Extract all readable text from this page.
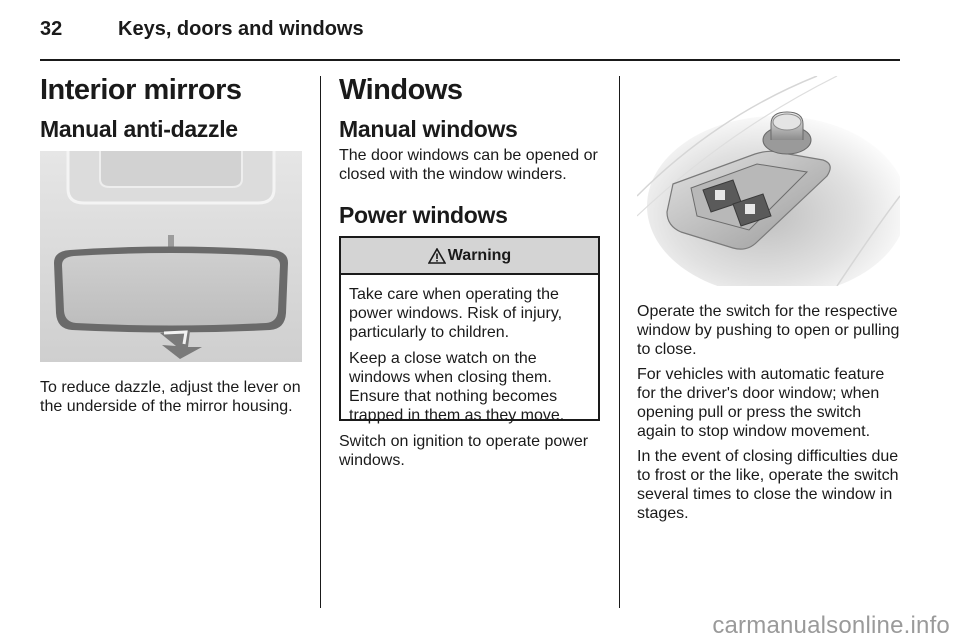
32	Keys, doors and windows
Interior mirrors
Manual anti-dazzle
To reduce dazzle, adjust the lever on the underside of the mirror housing.
Windows
Manual windows
The door windows can be opened or closed with the window winders.
Power windows
Warning

Take care when operating the power windows. Risk of injury, particularly to children.

Keep a close watch on the windows when closing them. Ensure that nothing becomes trapped in them as they move.

Switch on ignition to operate power windows.

Operate the switch for the respective window by pushing to open or pulling to close.

For vehicles with automatic feature for the driver's door window; when opening pull or press the switch again to stop window movement.

In the event of closing difficulties due to frost or the like, operate the switch several times to close the window in stages.

carmanualsonline.info
